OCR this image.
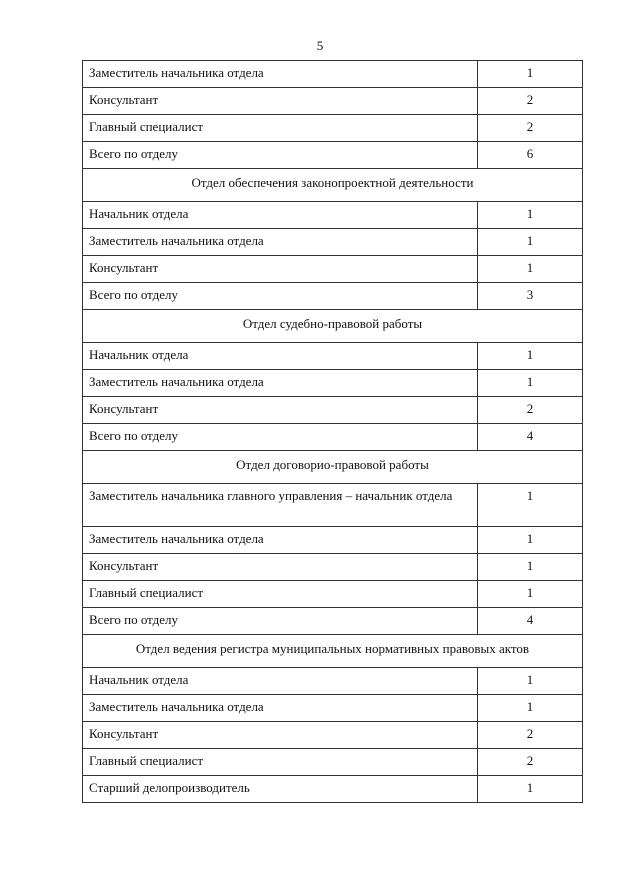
5
Заместитель начальника отдела	1
Консультант	2
Главный специалист	2
Всего по отделу	6
Отдел обеспечения законопроектной деятельности	
Начальник отдела	1
Заместитель начальника отдела	1
Консультант	1
Всего по отделу	3
Отдел судебно-правовой работы	
Начальник отдела	1
Заместитель начальника отдела	1
Консультант	2
Всего по отделу	4
Отдел договорио-правовой работы	
Заместитель начальника главного управления – начальник отдела	1
Заместитель начальника отдела	1
Консультант	1
Главный специалист	1
Всего по отделу	4
Отдел ведения регистра муниципальных нормативных правовых актов	
Начальник отдела	1
Заместитель начальника отдела	1
Консультант	2
Главный специалист	2
Старший делопроизводитель	1
